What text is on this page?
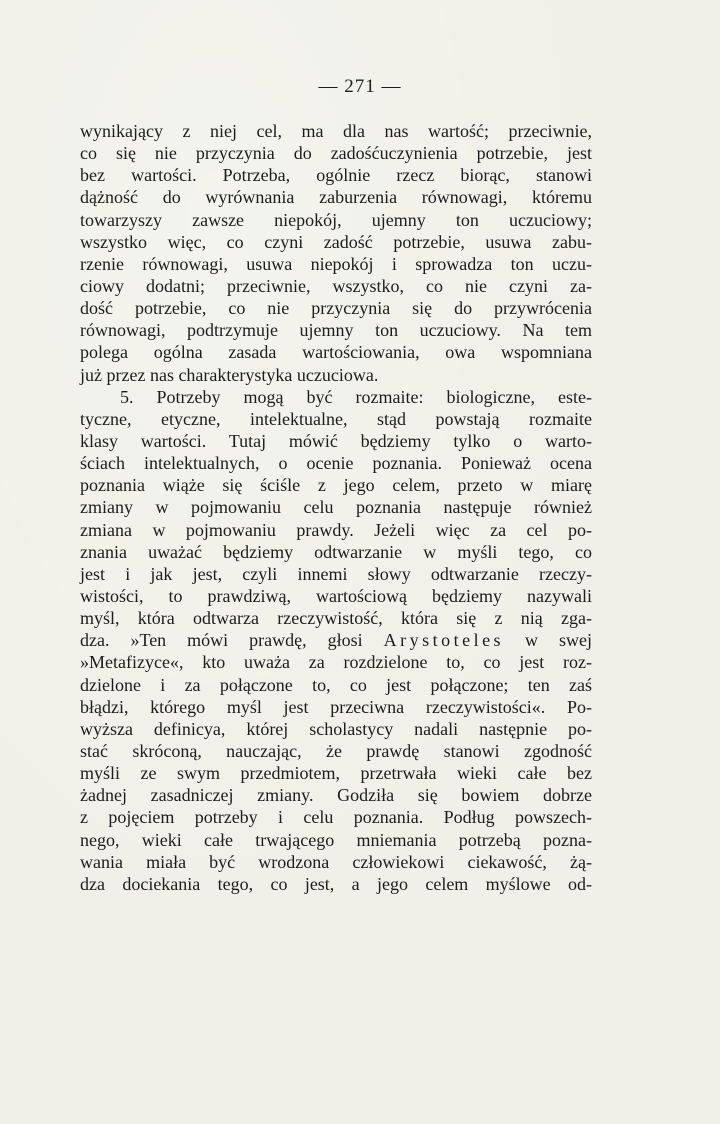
— 271 —
wynikający z niej cel, ma dla nas wartość; przeciwnie,
co się nie przyczynia do zadośćuczynienia potrzebie, jest
bez wartości. Potrzeba, ogólnie rzecz biorąc, stanowi
dążność do wyrównania zaburzenia równowagi, któremu
towarzyszy zawsze niepokój, ujemny ton uczuciowy;
wszystko więc, co czyni zadość potrzebie, usuwa zabu-
rzenie równowagi, usuwa niepokój i sprowadza ton uczu-
ciowy dodatni; przeciwnie, wszystko, co nie czyni za-
dość potrzebie, co nie przyczynia się do przywrócenia
równowagi, podtrzymuje ujemny ton uczuciowy. Na tem
polega ogólna zasada wartościowania, owa wspomniana
już przez nas charakterystyka uczuciowa.
5. Potrzeby mogą być rozmaite: biologiczne, este-
tyczne, etyczne, intelektualne, stąd powstają rozmaite
klasy wartości. Tutaj mówić będziemy tylko o warto-
ściach intelektualnych, o ocenie poznania. Ponieważ ocena
poznania wiąże się ściśle z jego celem, przeto w miarę
zmiany w pojmowaniu celu poznania następuje również
zmiana w pojmowaniu prawdy. Jeżeli więc za cel po-
znania uważać będziemy odtwarzanie w myśli tego, co
jest i jak jest, czyli innemi słowy odtwarzanie rzeczy-
wistości, to prawdziwą, wartościową będziemy nazywali
myśl, która odtwarza rzeczywistość, która się z nią zga-
dza. »Ten mówi prawdę, głosi Arystoteles w swej
»Metafizyce«, kto uważa za rozdzielone to, co jest roz-
dzielone i za połączone to, co jest połączone; ten zaś
błądzi, którego myśl jest przeciwna rzeczywistości«. Po-
wyższa definicya, której scholastycy nadali następnie po-
stać skróconą, nauczając, że prawdę stanowi zgodność
myśli ze swym przedmiotem, przetrwała wieki całe bez
żadnej zasadniczej zmiany. Godziła się bowiem dobrze
z pojęciem potrzeby i celu poznania. Podług powszech-
nego, wieki całe trwającego mniemania potrzebą pozna-
wania miała być wrodzona człowiekowi ciekawość, żą-
dza dociekania tego, co jest, a jego celem myślowe od-
